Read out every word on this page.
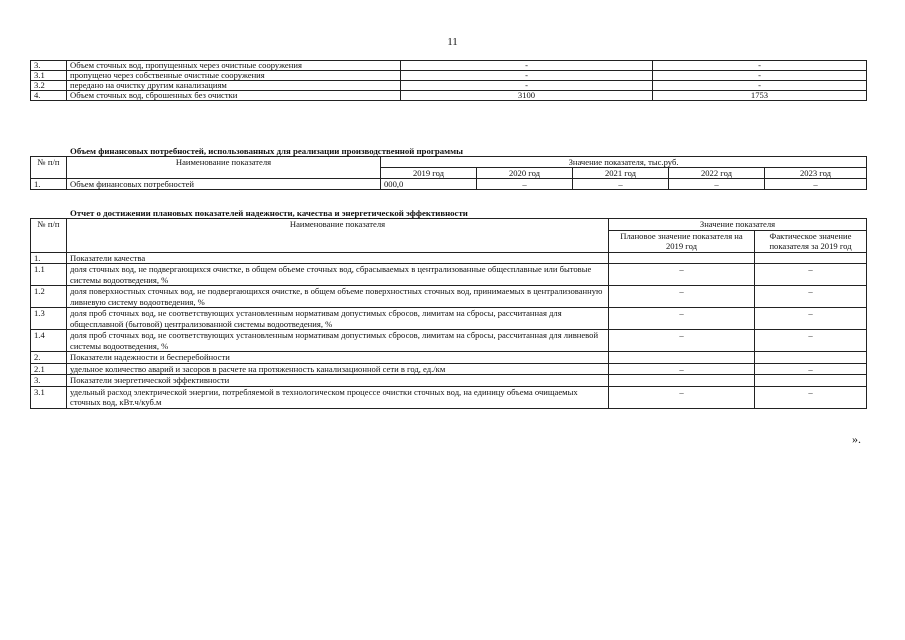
11
3.	Объем сточных вод, пропущенных через очистные сооружения	-	-
3.1	пропущено через собственные очистные сооружения	-	-
3.2	передано на очистку другим канализациям	-	-
4.	Объем сточных вод, сброшенных без очистки	3100	1753
Объем финансовых потребностей, использованных для реализации производственной программы
№ п/п	Наименование показателя	Значение показателя, тыс.руб.				
		2019 год	2020 год	2021 год	2022 год	2023 год
1.	Объем финансовых потребностей	000,0	–	–	–	–
Отчет о достижении плановых показателей надежности, качества и энергетической эффективности
№ п/п	Наименование показателя	Значение показателя	
		Плановое значение показателя на 2019 год	Фактическое значение показателя за 2019 год
1.	Показатели качества		
1.1	доля сточных вод, не подвергающихся очистке, в общем объеме сточных вод, сбрасываемых в централизованные общесплавные или бытовые системы водоотведения, %	–	–
1.2	доля поверхностных сточных вод, не подвергающихся очистке, в общем объеме поверхностных сточных вод, принимаемых в централизованную ливневую систему водоотведения, %	–	–
1.3	доля проб сточных вод, не соответствующих установленным нормативам допустимых сбросов, лимитам на сбросы, рассчитанная для общесплавной (бытовой) централизованной системы водоотведения, %	–	–
1.4	доля проб сточных вод, не соответствующих установленным нормативам допустимых сбросов, лимитам на сбросы, рассчитанная для ливневой системы водоотведения, %	–	–
2.	Показатели надежности и бесперебойности		
2.1	удельное количество аварий и засоров в расчете на протяженность канализационной сети в год, ед./км	–	–
3.	Показатели энергетической эффективности		
3.1	удельный расход электрической энергии, потребляемой в технологическом процессе очистки сточных вод, на единицу объема очищаемых сточных вод, кВт.ч/куб.м	–	–
».
